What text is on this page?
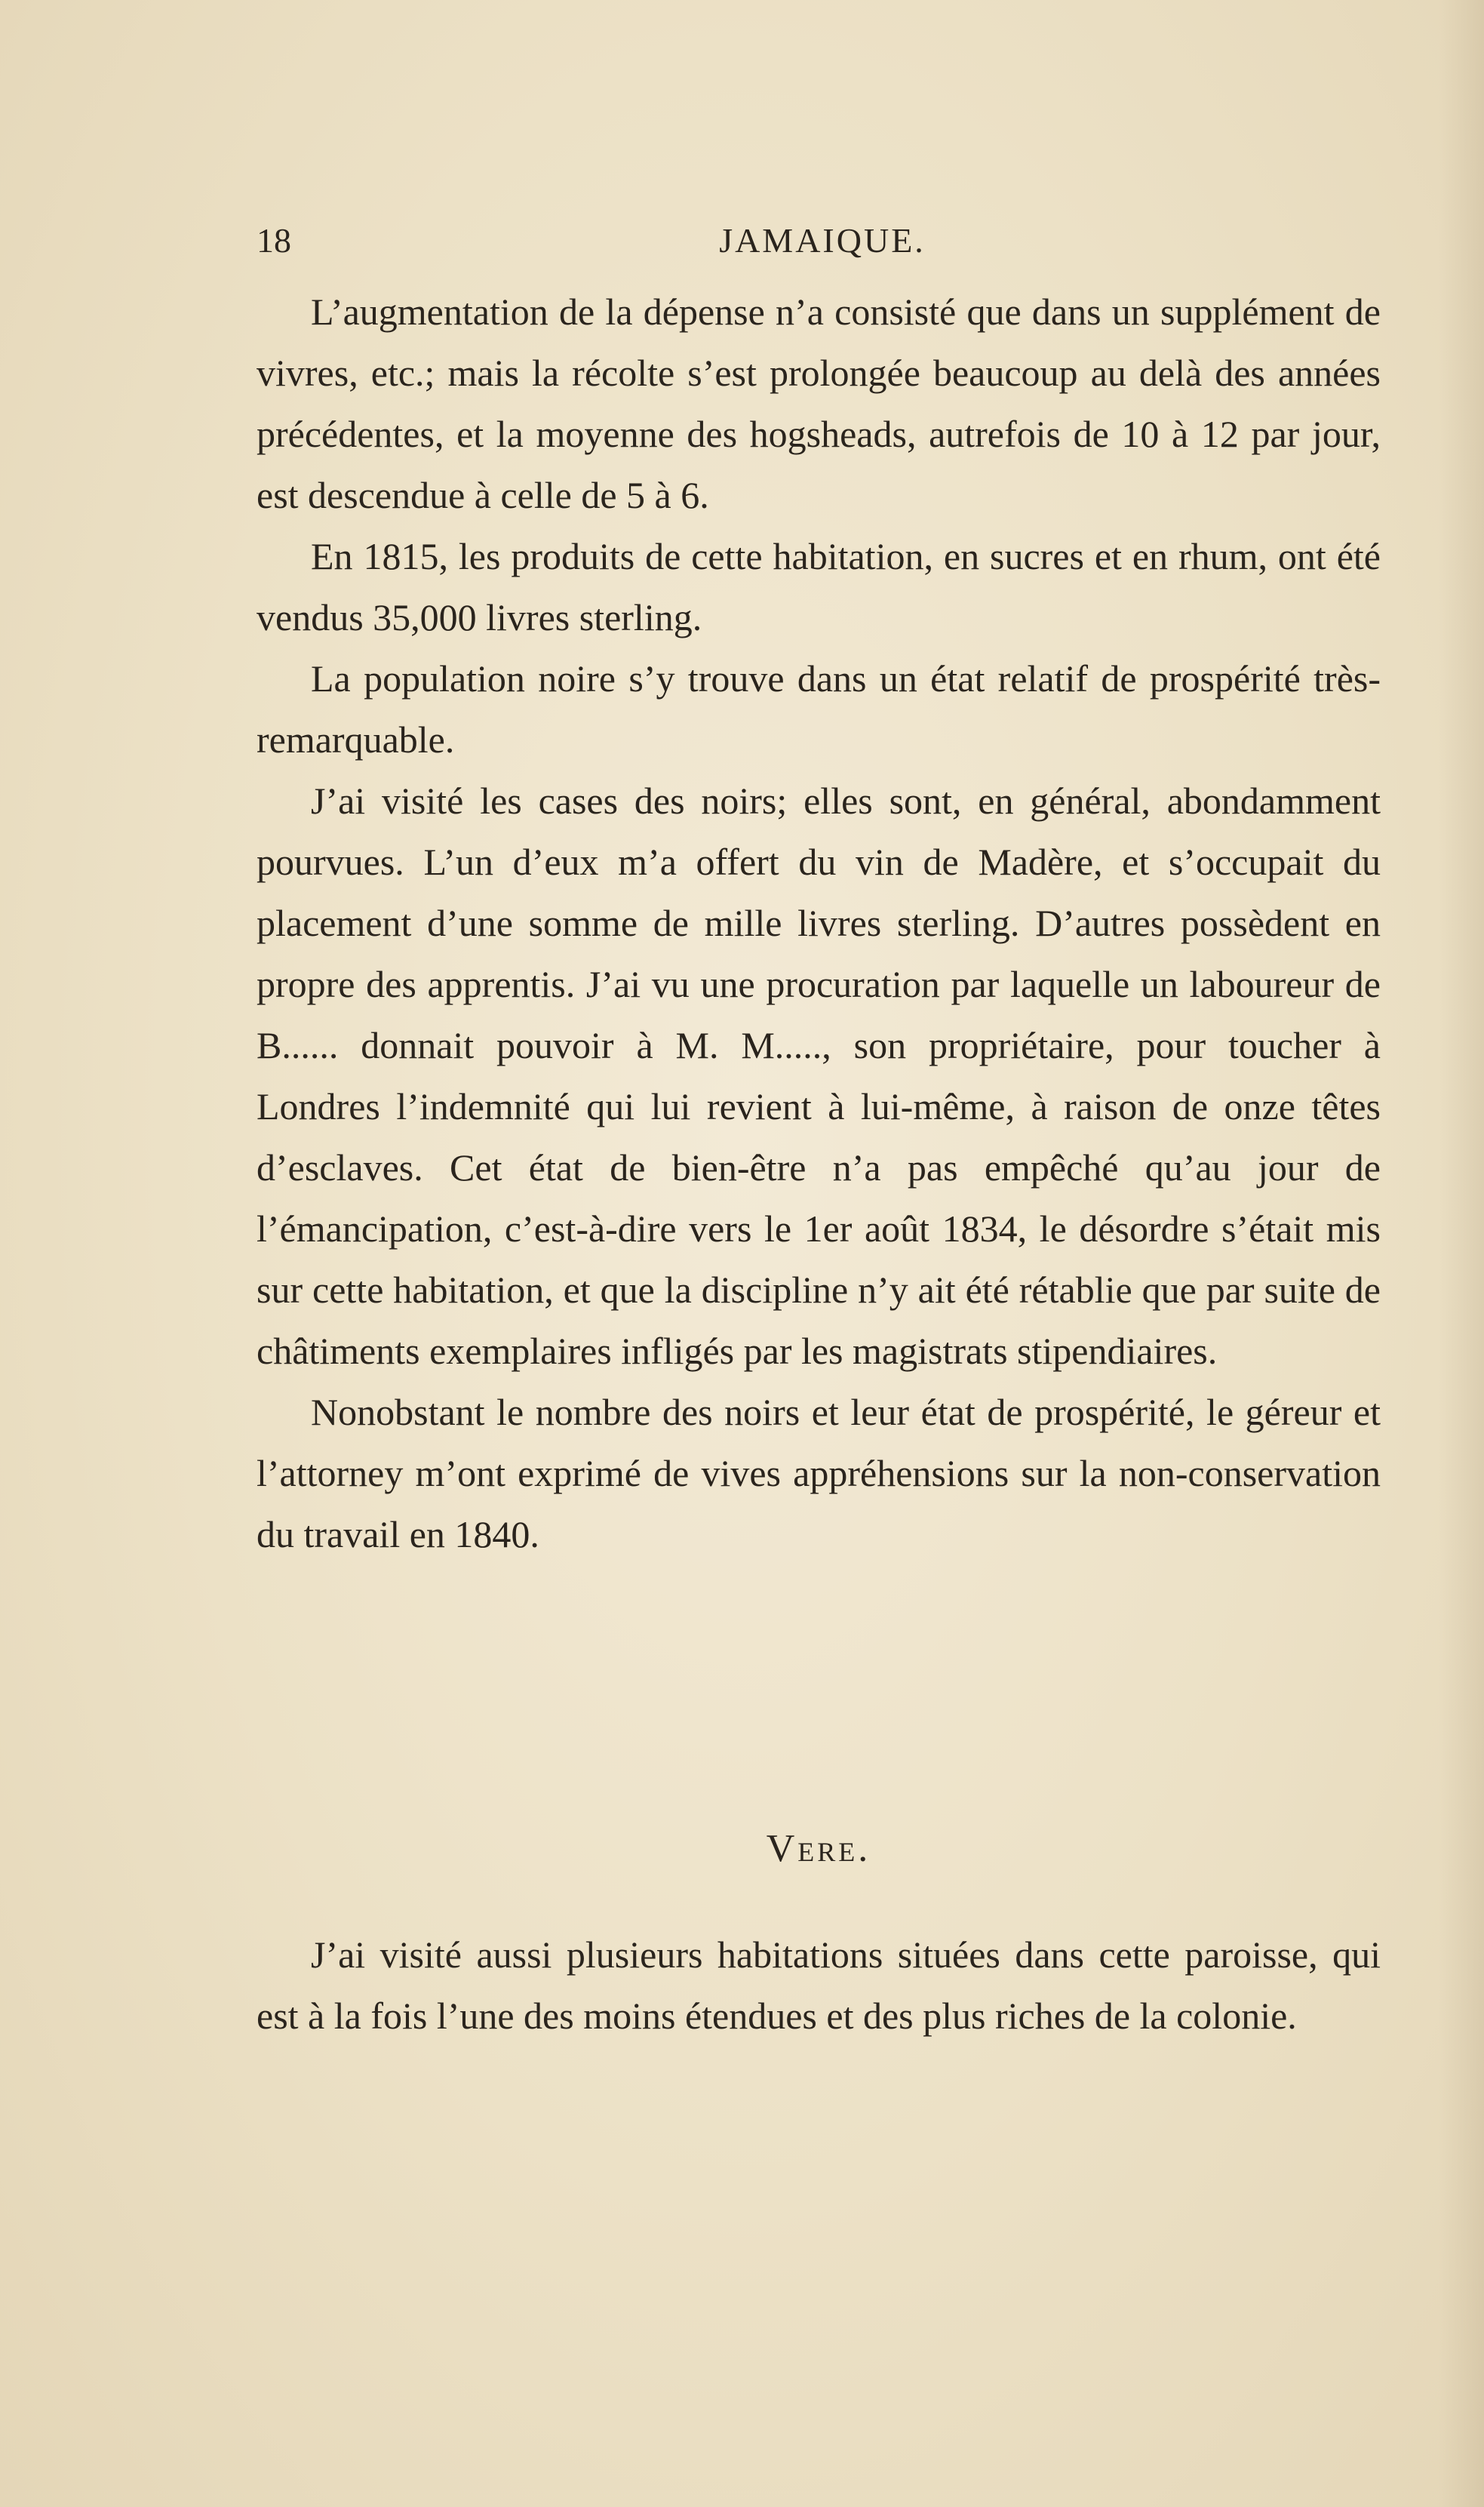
18	JAMAIQUE.

L’augmentation de la dépense n’a consisté que dans un supplément de vivres, etc.; mais la récolte s’est prolongée beaucoup au delà des années précédentes, et la moyenne des hogsheads, autrefois de 10 à 12 par jour, est descendue à celle de 5 à 6.

En 1815, les produits de cette habitation, en sucres et en rhum, ont été vendus 35,000 livres sterling.

La population noire s’y trouve dans un état relatif de prospérité très-remarquable.

J’ai visité les cases des noirs; elles sont, en général, abondamment pourvues. L’un d’eux m’a offert du vin de Madère, et s’occupait du placement d’une somme de mille livres sterling. D’autres possèdent en propre des apprentis. J’ai vu une procuration par laquelle un laboureur de B...... donnait pouvoir à M. M....., son propriétaire, pour toucher à Londres l’indemnité qui lui revient à lui-même, à raison de onze têtes d’esclaves. Cet état de bien-être n’a pas empêché qu’au jour de l’émancipation, c’est-à-dire vers le 1er août 1834, le désordre s’était mis sur cette habitation, et que la discipline n’y ait été rétablie que par suite de châtiments exemplaires infligés par les magistrats stipendiaires.

Nonobstant le nombre des noirs et leur état de prospérité, le géreur et l’attorney m’ont exprimé de vives appréhensions sur la non-conservation du travail en 1840.

Vere.

J’ai visité aussi plusieurs habitations situées dans cette paroisse, qui est à la fois l’une des moins étendues et des plus riches de la colonie.
